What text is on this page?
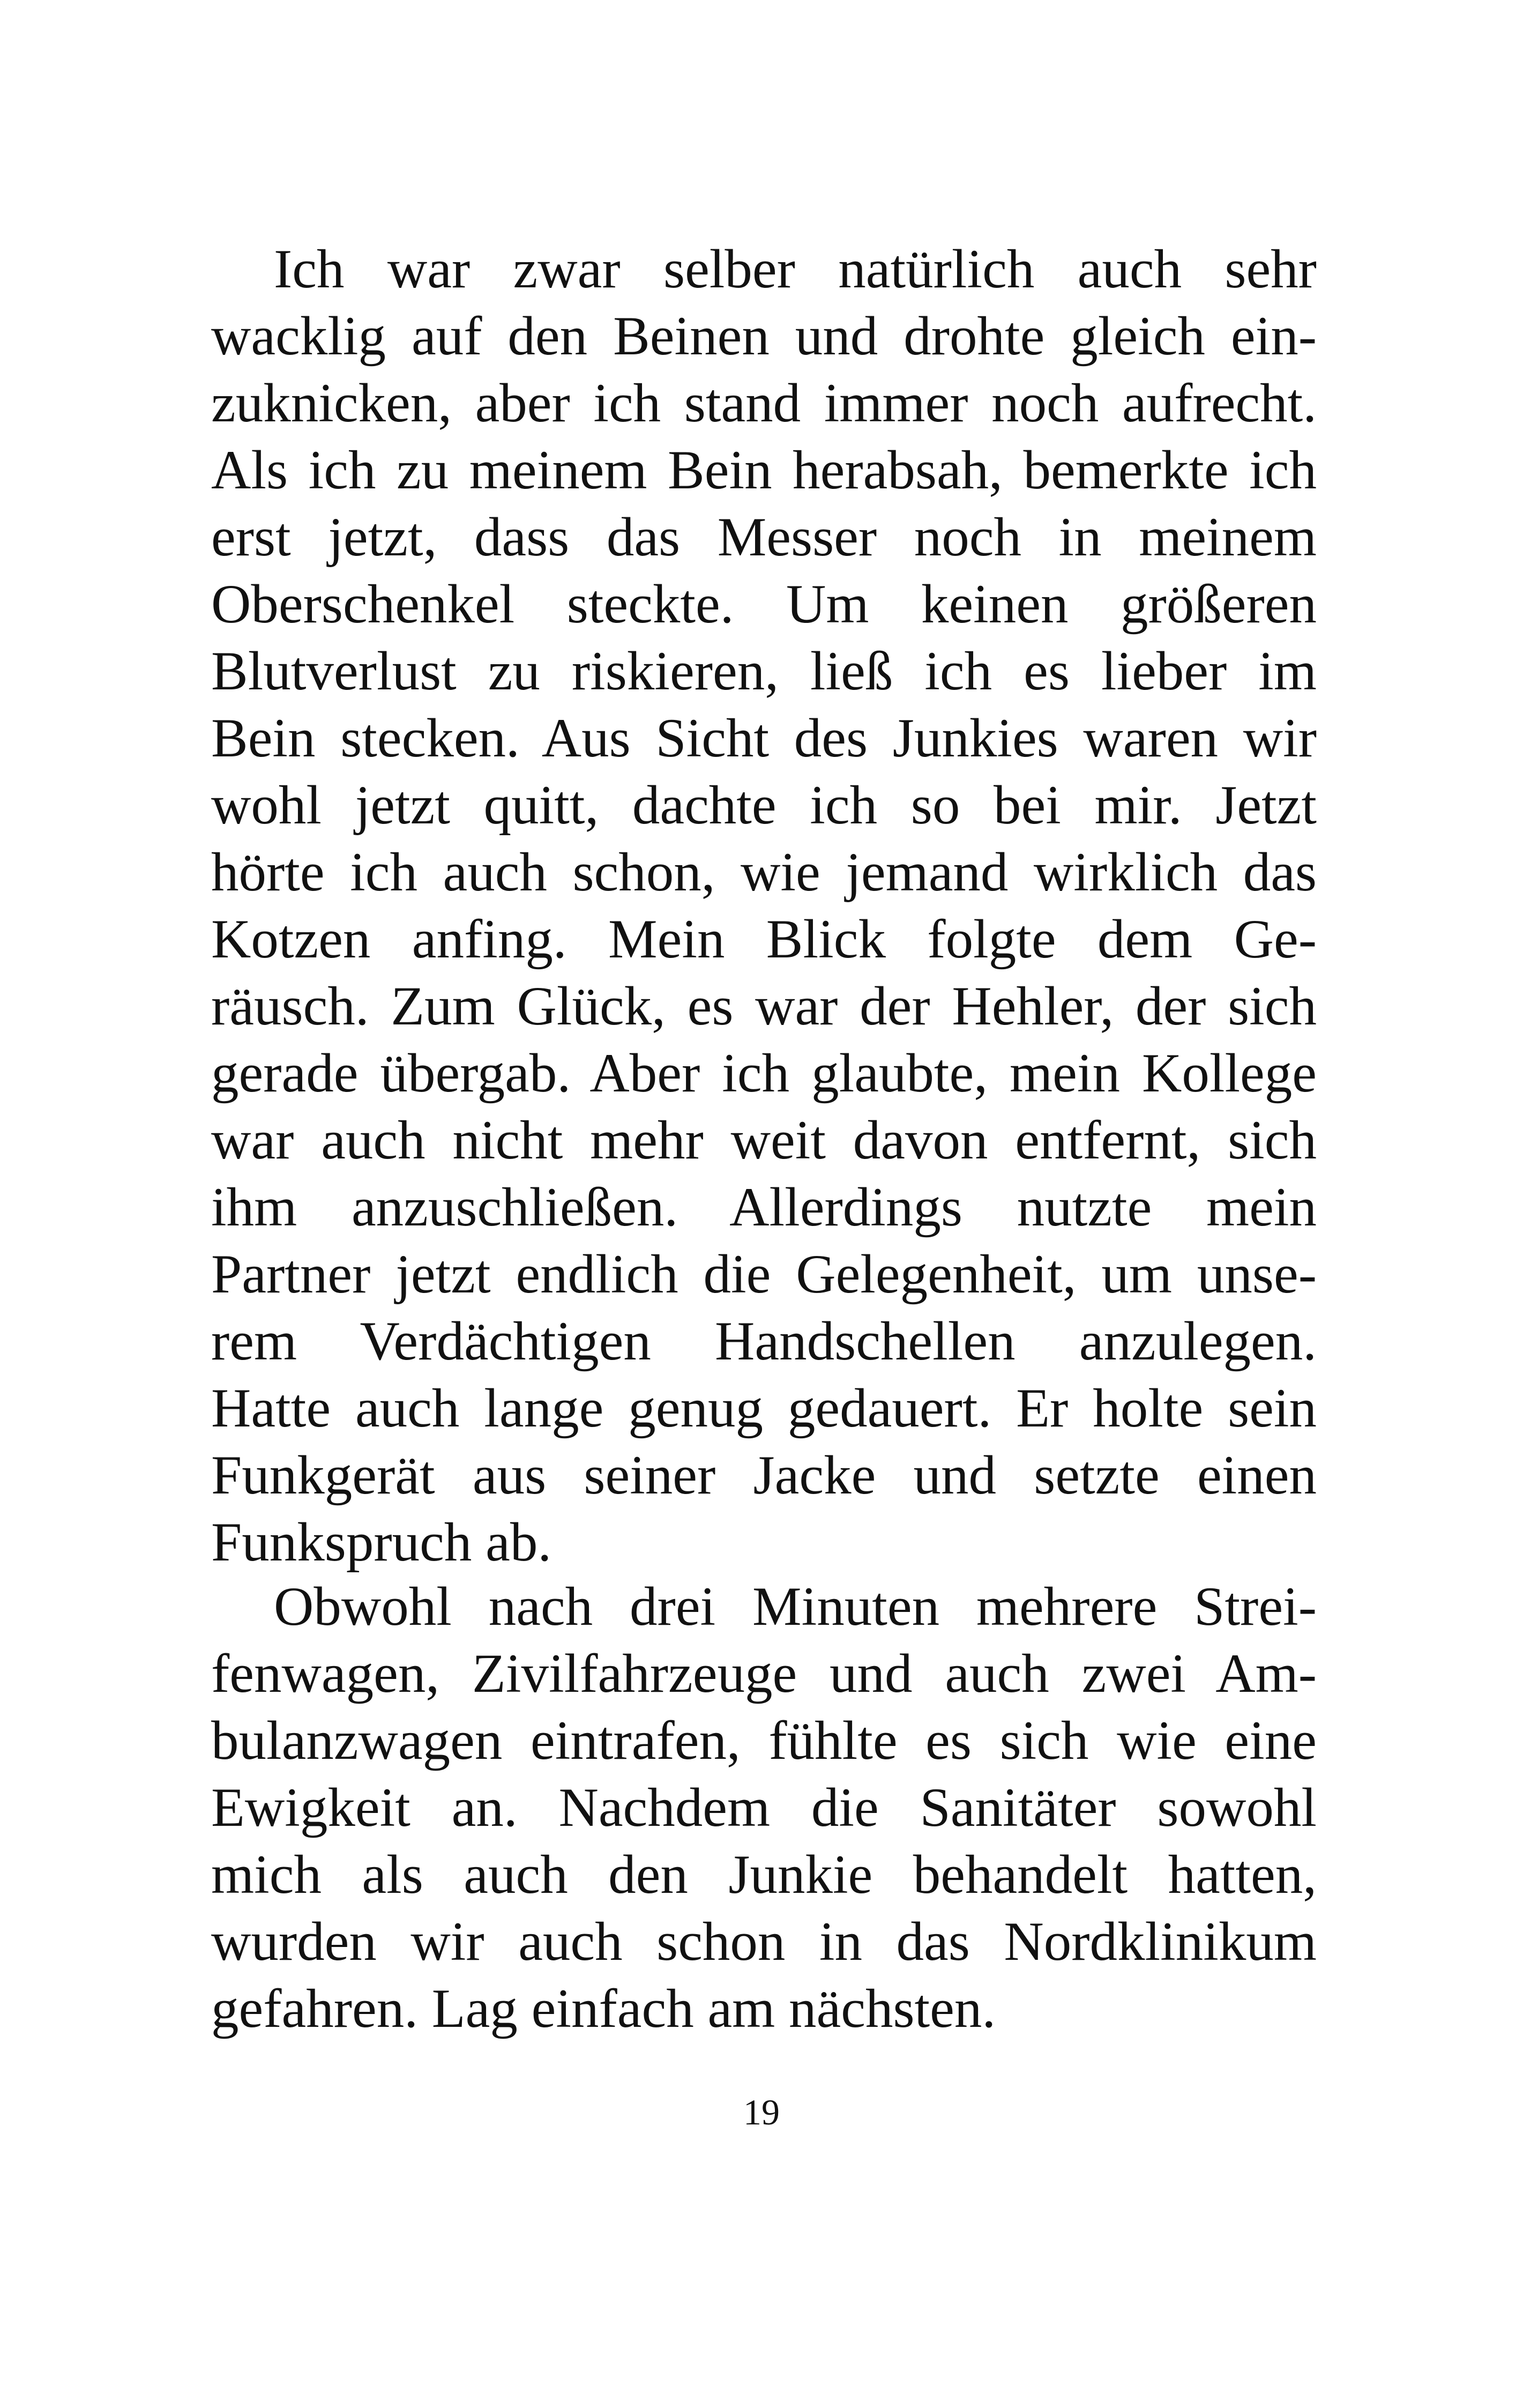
Ich war zwar selber natürlich auch sehr
wacklig auf den Beinen und drohte gleich ein-
zuknicken, aber ich stand immer noch aufrecht.
Als ich zu meinem Bein herabsah, bemerkte ich
erst jetzt, dass das Messer noch in meinem
Oberschenkel steckte. Um keinen größeren
Blutverlust zu riskieren, ließ ich es lieber im
Bein stecken. Aus Sicht des Junkies waren wir
wohl jetzt quitt, dachte ich so bei mir. Jetzt
hörte ich auch schon, wie jemand wirklich das
Kotzen anfing. Mein Blick folgte dem Ge-
räusch. Zum Glück, es war der Hehler, der sich
gerade übergab. Aber ich glaubte, mein Kollege
war auch nicht mehr weit davon entfernt, sich
ihm anzuschließen. Allerdings nutzte mein
Partner jetzt endlich die Gelegenheit, um unse-
rem Verdächtigen Handschellen anzulegen.
Hatte auch lange genug gedauert. Er holte sein
Funkgerät aus seiner Jacke und setzte einen
Funkspruch ab.
Obwohl nach drei Minuten mehrere Strei-
fenwagen, Zivilfahrzeuge und auch zwei Am-
bulanzwagen eintrafen, fühlte es sich wie eine
Ewigkeit an. Nachdem die Sanitäter sowohl
mich als auch den Junkie behandelt hatten,
wurden wir auch schon in das Nordklinikum
gefahren. Lag einfach am nächsten.
19
